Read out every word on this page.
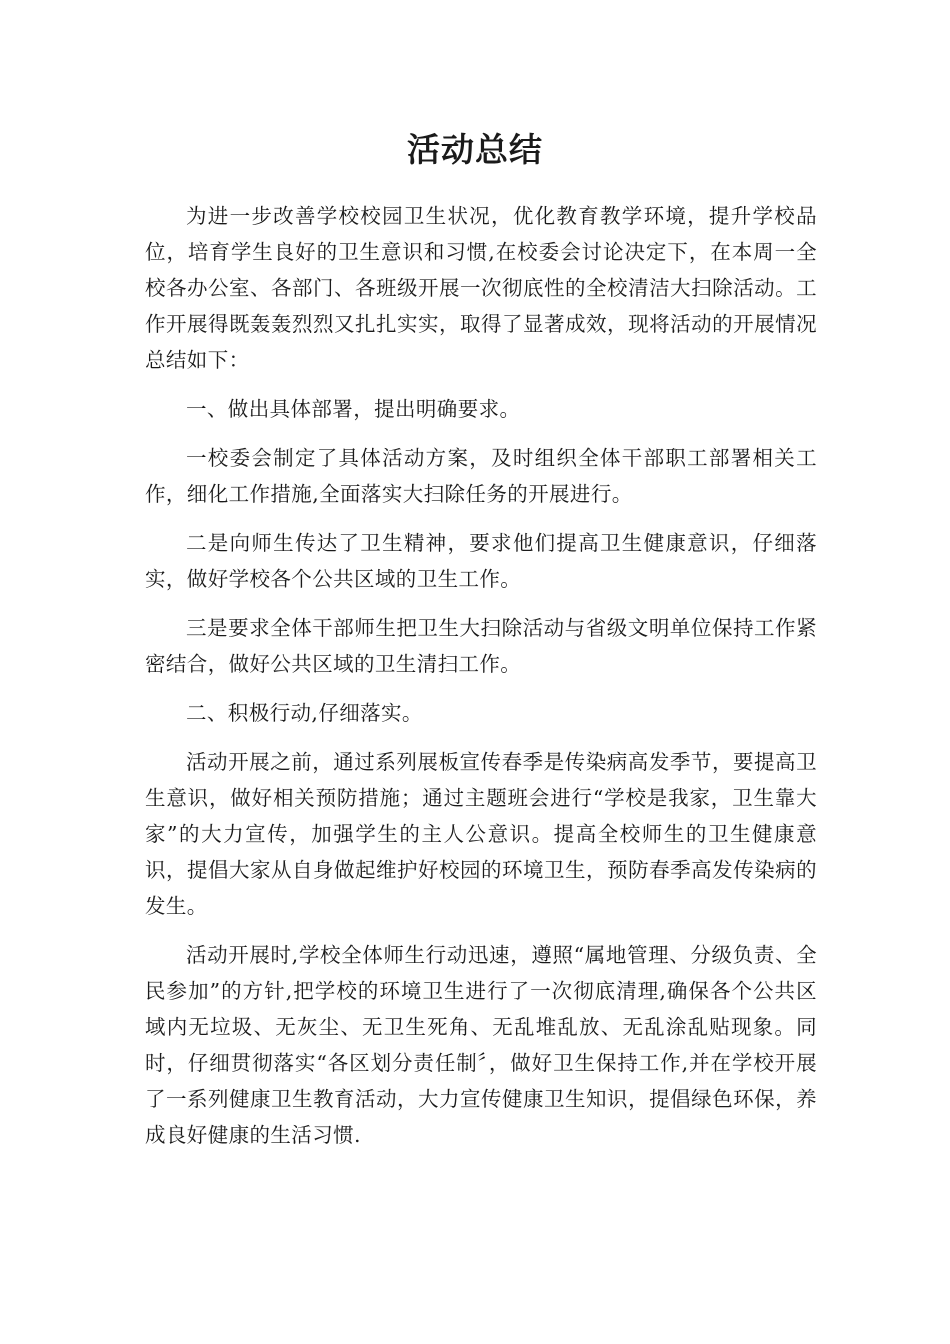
活动总结

为进一步改善学校校园卫生状况，优化教育教学环境，提升学校品位，培育学生良好的卫生意识和习惯,在校委会讨论决定下，在本周一全校各办公室、各部门、各班级开展一次彻底性的全校清洁大扫除活动。工作开展得既轰轰烈烈又扎扎实实，取得了显著成效，现将活动的开展情况总结如下：

一、做出具体部署，提出明确要求。

一校委会制定了具体活动方案，及时组织全体干部职工部署相关工作，细化工作措施,全面落实大扫除任务的开展进行。

二是向师生传达了卫生精神，要求他们提高卫生健康意识，仔细落实，做好学校各个公共区域的卫生工作。

三是要求全体干部师生把卫生大扫除活动与省级文明单位保持工作紧密结合，做好公共区域的卫生清扫工作。

二、积极行动,仔细落实。

活动开展之前，通过系列展板宣传春季是传染病高发季节，要提高卫生意识，做好相关预防措施；通过主题班会进行“学校是我家，卫生靠大家”的大力宣传，加强学生的主人公意识。提高全校师生的卫生健康意识，提倡大家从自身做起维护好校园的环境卫生，预防春季高发传染病的发生。

活动开展时,学校全体师生行动迅速，遵照“属地管理、分级负责、全民参加”的方针,把学校的环境卫生进行了一次彻底清理,确保各个公共区域内无垃圾、无灰尘、无卫生死角、无乱堆乱放、无乱涂乱贴现象。同时，仔细贯彻落实“各区划分责任制〞，做好卫生保持工作,并在学校开展了一系列健康卫生教育活动，大力宣传健康卫生知识，提倡绿色环保，养成良好健康的生活习惯.
